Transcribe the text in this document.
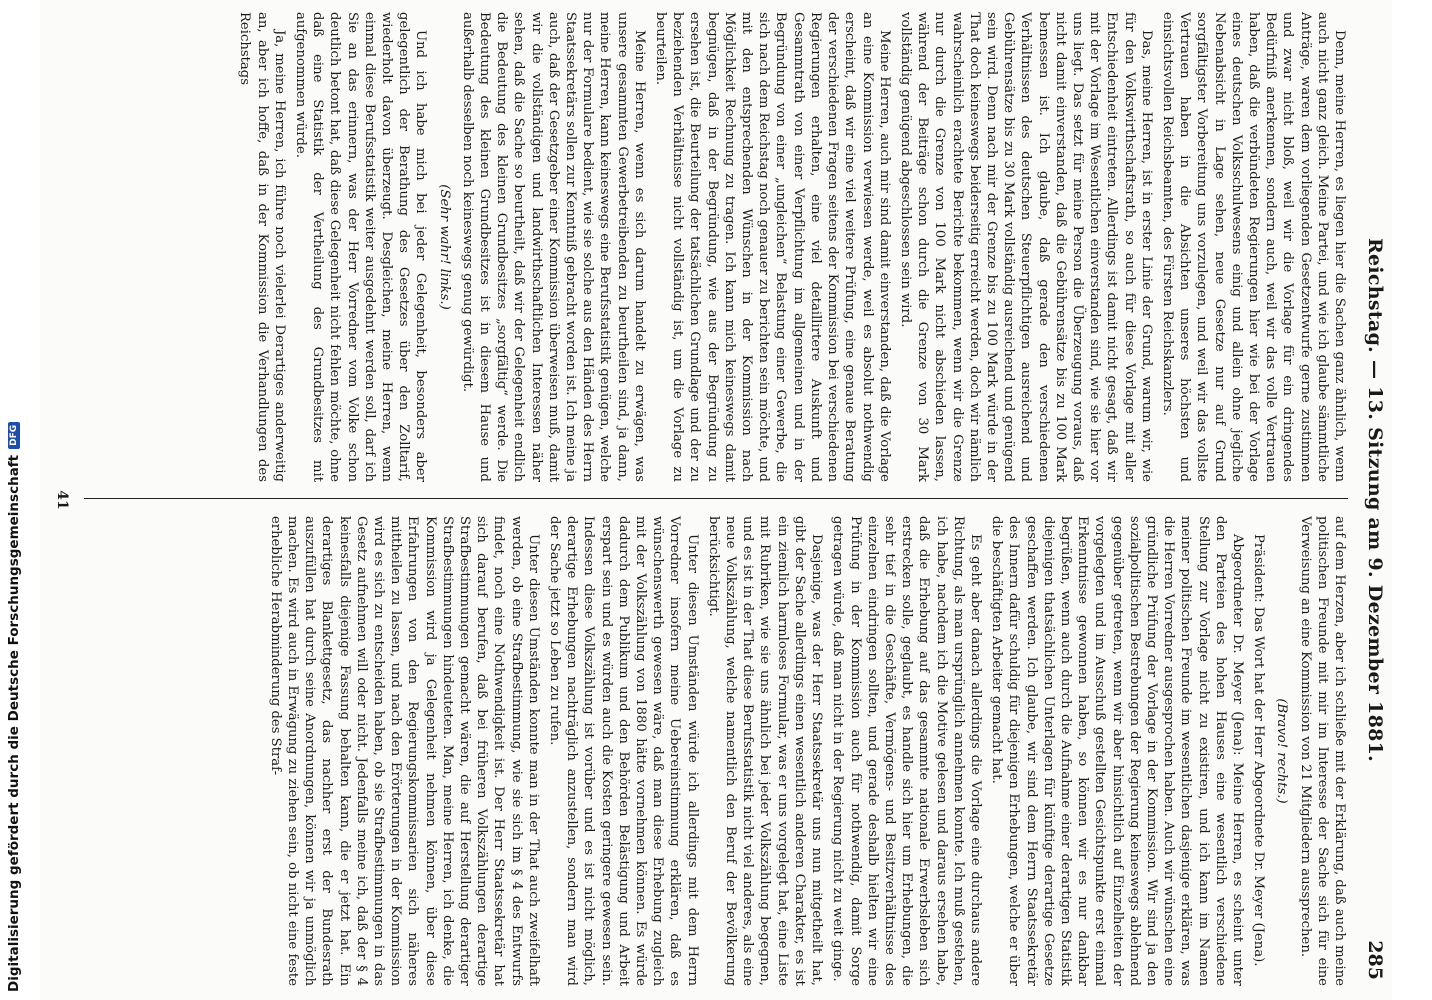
Digitalisierung gefördert durch die Deutsche ForschungsgemeinschaftDFG	Reichstag. — 13. Sitzung am 9. Dezember 1881.
285

Denn, meine Herren, es liegen hier die Sachen ganz ähnlich, wenn auch nicht ganz gleich. Meine Partei, und wie ich glaube sämmtliche Anträge, waren dem vorliegenden Gesetzentwurfe gerne zustimmen und zwar nicht bloß, weil wir die Vorlage für ein dringendes Bedürfniß anerkennen, sondern auch, weil wir das volle Vertrauen haben, daß die verbündeten Regierungen hier wie bei der Vorlage eines deutschen Volksschulwesens einig und allein ohne jegliche Nebenabsicht in Lage sehen, neue Gesetze nur auf Grund sorgfältigster Vorbereitung uns vorzulegen, und weil wir das vollste Vertrauen haben in die Absichten unseres höchsten und einsichtsvollen Reichsbeamten, des Fürsten Reichskanzlers.

Das, meine Herren, ist in erster Linie der Grund, warum wir, wie für den Volkswirthschaftsrath, so auch für diese Vorlage mit aller Entschiedenheit eintreten. Allerdings ist damit nicht gesagt, daß wir mit der Vorlage im Wesentlichen einverstanden sind, wie sie hier vor uns liegt. Das setzt für meine Person die Überzeugung voraus, daß nicht damit einverstanden, daß die Gebührensätze bis zu 100 Mark bemessen ist. Ich glaube, daß gerade den verschiedenen Verhältnissen des deutschen Steuerpflichtigen ausreichend und Gebührensätze bis zu 30 Mark vollständig ausreichend und genügend sein wird. Denn nach mir der Grenze bis zu 100 Mark würde in der That doch keineswegs beiderseitig erreicht werden, doch wir nämlich wahrscheinlich erachtete Berichte bekommen, wenn wir die Grenze nur durch die Grenze von 100 Mark nicht abschieden lassen, während der Beiträge schon durch die Grenze von 30 Mark vollständig genügend abgeschlossen sein wird.

Meine Herren, auch mir sind damit einverstanden, daß die Vorlage an eine Kommission verwiesen werde, weil es absolut nothwendig erscheint, daß wir eine viel weitere Prüfung, eine genaue Beratung der verschiedenen Fragen seitens der Kommission bei verschiedenen Regierungen erhalten, eine viel detaillirtere Auskunft und Gesammtrath von einer Verpflichtung im allgemeinen und in der Begründung von einer „ungleichen“ Belastung einer Gewerbe, die sich nach dem Reichstag noch genauer zu berichten sein möchte, und mit den entsprechenden Wünschen in der Kommission nach Möglichkeit Rechnung zu tragen. Ich kann mich keineswegs damit begnügen, daß in der Begründung, wie aus der Begründung zu ersehen ist, die Beurteilung der tatsächlichen Grundlage und der zu beziehenden Verhältnisse nicht vollständig ist, um die Vorlage zu beurteilen.

Meine Herren, wenn es sich darum handelt zu erwägen, was unsere gesammten Gewerbetreibenden zu beurtheilen sind, ja dann, meine Herren, kann keineswegs eine Berufsstatistik genügen, welche nur der Formulare bedient, wie sie solche aus den Händen des Herrn Staatssekretärs sollen zur Kenntniß gebracht worden ist. Ich meine ja auch, daß der Gesetzgeber einer Kommission überweisen muß, damit wir die vollständigen und landwirthschaftlichen Interessen näher sehen, daß die Sache so beurtheilt, daß wir der Gelegenheit endlich die Bedeutung des kleinen Grundbesitzes „sorgfältig“ werde. Die Bedeutung des kleinen Grundbesitzes ist in diesem Hause und außerhalb desselben noch keineswegs genug gewürdigt.

(Sehr wahr! links.)

Und ich habe mich bei jeder Gelegenheit, besonders aber gelegentlich der Berathung des Gesetzes über den Zolltarif, wiederholt davon überzeugt. Desgleichen, meine Herren, wenn einmal diese Berufsstatistik weiter ausgedehnt werden soll, darf ich Sie an das erinnern, was der Herr Vorredner vom Volke schon deutlich betont hat, daß diese Gelegenheit nicht fehlen möchte, ohne daß eine Statistik der Vertheilung des Grundbesitzes mit aufgenommen würde.

Ja, meine Herren, ich führe noch vielerlei Derartiges anderweitig an, aber ich hoffe, daß in der Kommission die Verhandlungen des Reichstags

auf dem Herzen, aber ich schließe mit der Erklärung, daß auch meine politischen Freunde mit mir im Interesse der Sache sich für eine Verweisung an eine Kommission von 21 Mitgliedern aussprechen.

(Bravo! rechts.)

Präsident: Das Wort hat der Herr Abgeordnete Dr. Meyer (Jena).

Abgeordneter Dr. Meyer (Jena): Meine Herren, es scheint unter den Parteien des hohen Hauses eine wesentlich verschiedene Stellung zur Vorlage nicht zu existiren, und ich kann im Namen meiner politischen Freunde im wesentlichen dasjenige erklären, was die Herren Vorredner ausgesprochen haben. Auch wir wünschen eine gründliche Prüfung der Vorlage in der Kommission. Wir sind ja den sozialpolitischen Bestrebungen der Regierung keineswegs ablehnend gegenüber getreten, wenn wir aber hinsichtlich auf Einzelheiten der vorgelegten und im Ausschuß gestellten Gesichtspunkte erst einmal Erkenntnisse gewonnen haben, so können wir es nur dankbar begrüßen, wenn auch durch die Aufnahme einer derartigen Statistik diejenigen thatsächlichen Unterlagen für künftige derartige Gesetze geschaffen werden. Ich glaube, wir sind dem Herrn Staatssekretär des Innern dafür schuldig für diejenigen Erhebungen, welche er über die beschäftigten Arbeiter gemacht hat.

Es geht aber danach allerdings die Vorlage eine durchaus andere Richtung, als man ursprünglich annehmen konnte. Ich muß gestehen, ich habe, nachdem ich die Motive gelesen und daraus ersehen habe, daß die Erhebung auf das gesammte nationale Erwerbsleben sich erstrecken solle, geglaubt, es handle sich hier um Erhebungen, die sehr tief in die Geschäfte, Vermögens- und Besitzverhältnisse des einzelnen eindringen sollten, und gerade deshalb hielten wir eine Prüfung in der Kommission auch für nothwendig, damit Sorge getragen würde, daß man nicht in der Regierung nicht zu weit ginge.

Dasjenige, was der Herr Staatssekretär uns nun mitgetheilt hat, gibt der Sache allerdings einen wesentlich anderen Charakter, es ist ein ziemlich harmloses Formular, was er uns vorgelegt hat, eine Liste mit Rubriken, wie sie uns ähnlich bei jeder Volkszählung begegnen, und es ist in der That diese Berufsstatistik nicht viel anderes, als eine neue Volkszählung, welche namentlich den Beruf der Bevölkerung berücksichtigt.

Unter diesen Umständen würde ich allerdings mit dem Herrn Vorredner insofern meine Uebereinstimmung erklären, daß es wünschenswerth gewesen wäre, daß man diese Erhebung zugleich mit der Volkszählung von 1880 hätte vornehmen können. Es würde dadurch dem Publikum und den Behörden Belästigung und Arbeit erspart sein und es würden auch die Kosten geringere gewesen sein. Indessen diese Volkszählung ist vorüber und es ist nicht möglich, derartige Erhebungen nachträglich anzustellen, sondern man wird der Sache jetzt so Leben zu rufen.

Unter diesen Umständen konnte man in der That auch zweifelhaft werden, ob eine Strafbestimmung, wie sie sich im § 4 des Entwurfs findet, noch eine Nothwendigkeit ist. Der Herr Staatssekretär hat sich darauf berufen, daß bei früheren Volkszählungen derartige Strafbestimmungen gemacht wären, die auf Herstellung derartiger Strafbestimmungen hindeuteten. Man, meine Herren, ich denke, die Kommission wird ja Gelegenheit nehmen können, über diese Erfahrungen von den Regierungskommissarien sich näheres mittheilen zu lassen, und nach den Erörterungen in der Kommission wird es sich zu entscheiden haben, ob sie Strafbestimmungen in das Gesetz aufnehmen will oder nicht. Jedenfalls meine ich, daß der § 4 keinesfalls diejenige Fassung behalten kann, die er jetzt hat. Ein derartiges Blankettgesetz, das nachher erst der Bundesrath auszufüllen hat durch seine Anordnungen, können wir ja unmöglich machen. Es wird auch in Erwägung zu ziehen sein, ob nicht eine feste erhebliche Herabminderung des Straf-

41
